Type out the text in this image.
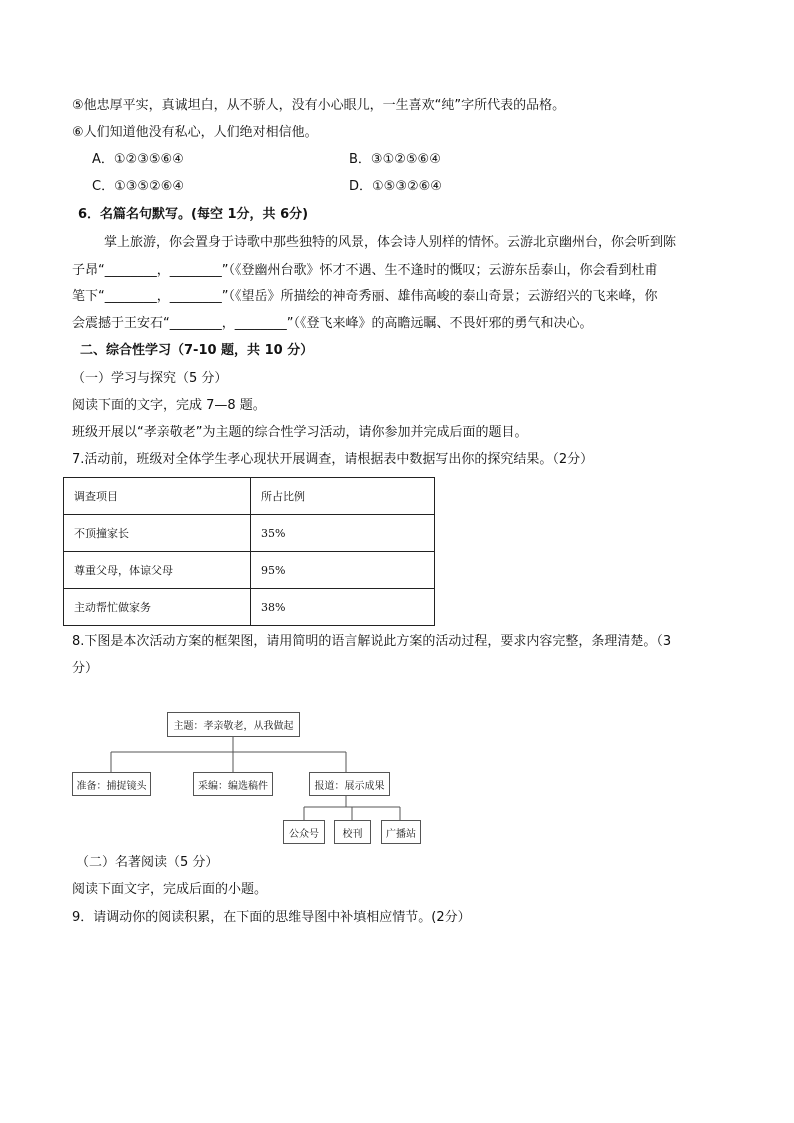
⑤他忠厚平实，真诚坦白，从不骄人，没有小心眼儿，一生喜欢“纯”字所代表的品格。
⑥人们知道他没有私心，人们绝对相信他。
A．①②③⑤⑥④	B．③①②⑤⑥④
C．①③⑤②⑥④	D．①⑤③②⑥④
6．名篇名句默写。(每空 1分，共 6分)
掌上旅游，你会置身于诗歌中那些独特的风景，体会诗人别样的情怀。云游北京幽州台，你会听到陈
子昂“________，________”（《登幽州台歌》怀才不遇、生不逢时的慨叹；云游东岳泰山，你会看到杜甫
笔下“________，________”（《望岳》所描绘的神奇秀丽、雄伟高峻的泰山奇景；云游绍兴的飞来峰，你
会震撼于王安石“________，________”（《登飞来峰》的高瞻远瞩、不畏奸邪的勇气和决心。
二、综合性学习（7-10 题，共 10 分）
（一）学习与探究（5 分）
阅读下面的文字，完成 7—8 题。
班级开展以“孝亲敬老”为主题的综合性学习活动，请你参加并完成后面的题目。
7.活动前，班级对全体学生孝心现状开展调查，请根据表中数据写出你的探究结果。（2分）
调查项目	所占比例
不顶撞家长	35%
尊重父母，体谅父母	95%
主动帮忙做家务	38%
8.下图是本次活动方案的框架图，请用简明的语言解说此方案的活动过程，要求内容完整，条理清楚。（3
分）
主题：孝亲敬老，从我做起
准备：捕捉镜头	采编：编选稿件	报道：展示成果
公众号	校刊	广播站
（二）名著阅读（5 分）
阅读下面文字，完成后面的小题。
9．请调动你的阅读积累，在下面的思维导图中补填相应情节。(2分）
